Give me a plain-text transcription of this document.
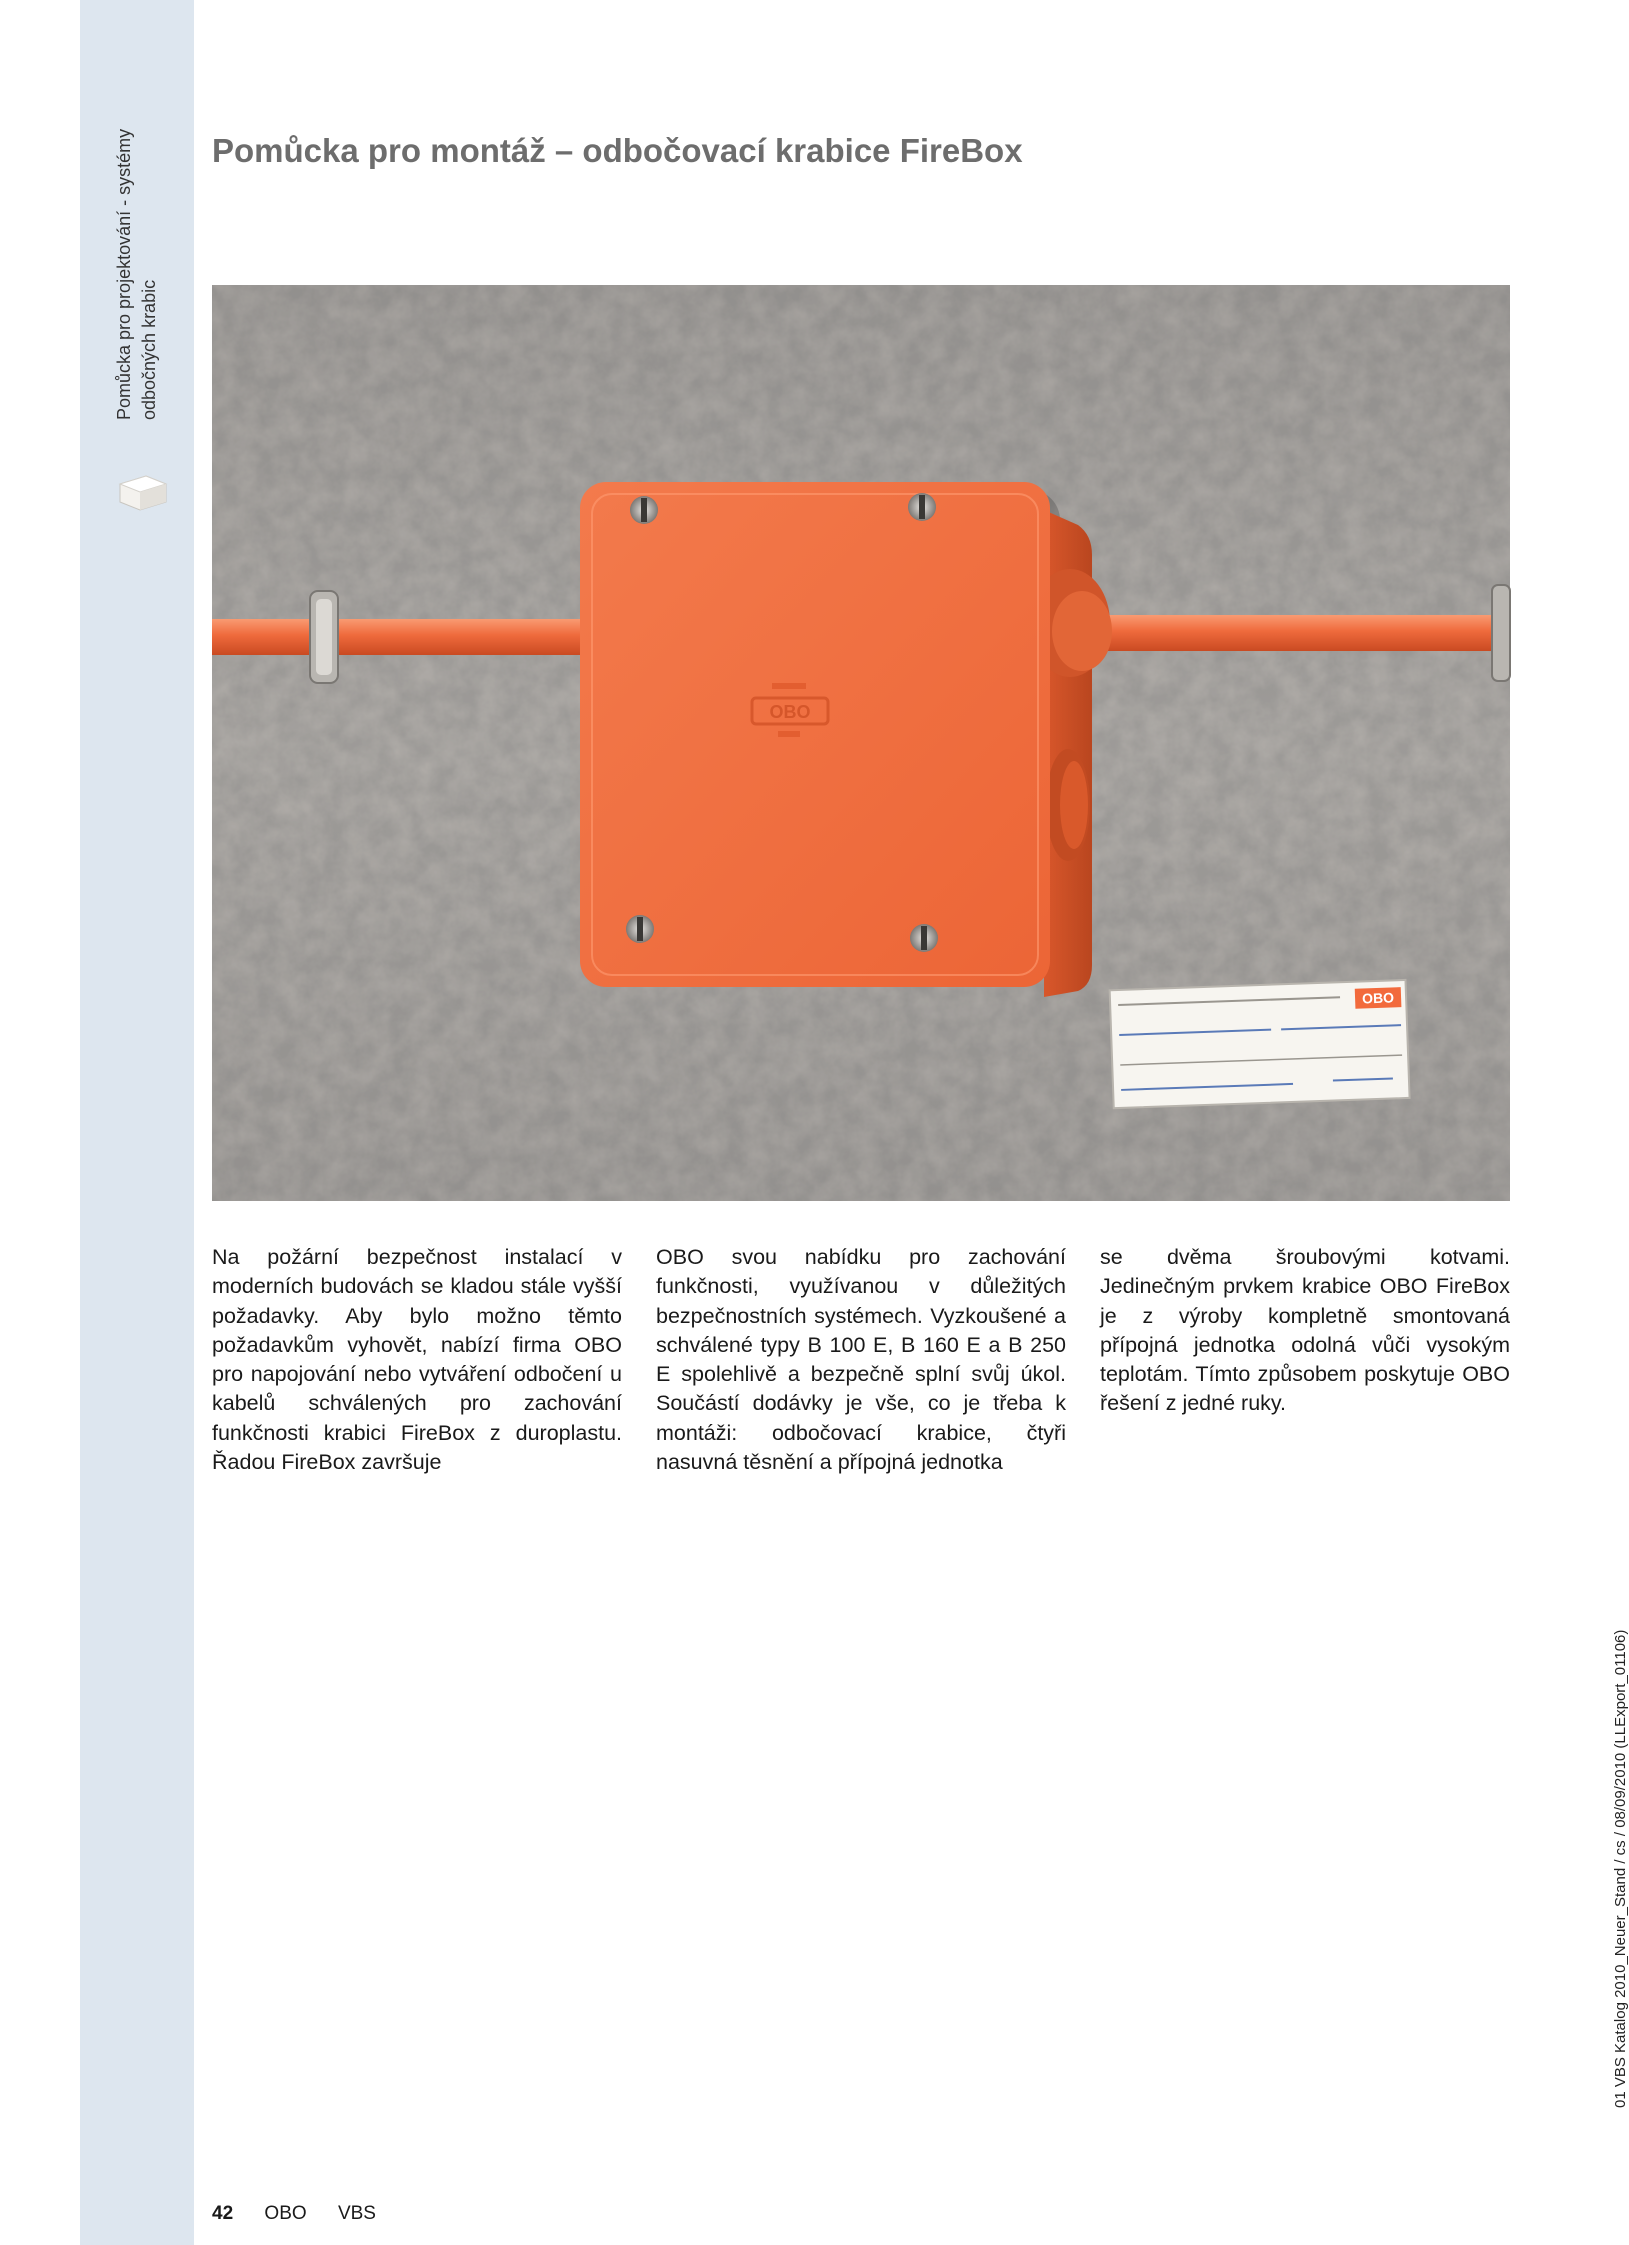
Pomůcka pro projektování - systémy odbočných krabic
Pomůcka pro montáž – odbočovací krabice FireBox
OBO
OBO

Na požární bezpečnost instalací v moderních budovách se kladou stále vyšší požadavky. Aby bylo možno těmto požadavkům vyhovět, nabízí firma OBO pro napojování nebo vytváření odbočení u kabelů schválených pro zachování funkčnosti krabici FireBox z duroplastu. Řadou FireBox završuje

OBO svou nabídku pro zachování funkčnosti, využívanou v důležitých bezpečnostních systémech. Vyzkoušené a schválené typy B 100 E, B 160 E a B 250 E spolehlivě a bezpečně splní svůj úkol. Součástí dodávky je vše, co je třeba k montáži: odbočovací krabice, čtyři nasuvná těsnění a přípojná jednotka

se dvěma šroubovými kotvami. Jedinečným prvkem krabice OBO FireBox je z výroby kompletně smontovaná přípojná jednotka odolná vůči vysokým teplotám. Tímto způsobem poskytuje OBO řešení z jedné ruky.

42 OBO VBS
01 VBS Katalog 2010_Neuer_Stand / cs / 08/09/2010 (LLExport_01106)
